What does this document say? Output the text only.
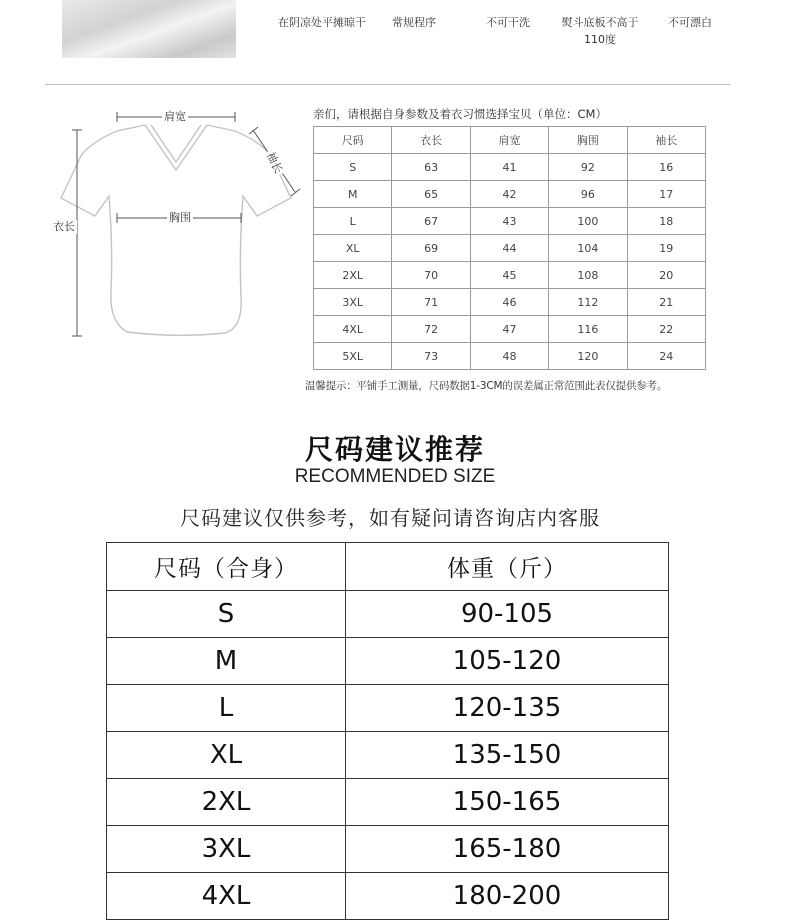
在阴凉处平摊晾干	常规程序	不可干洗	熨斗底板不高于110度
不可漂白
肩宽
袖长
衣长
胸围
亲们，请根据自身参数及着衣习惯选择宝贝（单位：CM）
尺码	衣长	肩宽	胸围	袖长
S	63	41	92	16
M	65	42	96	17
L	67	43	100	18
XL	69	44	104	19
2XL	70	45	108	20
3XL	71	46	112	21
4XL	72	47	116	22
5XL	73	48	120	24
温馨提示：平铺手工测量，尺码数据1-3CM的误差属正常范围此表仅提供参考。
尺码建议推荐
RECOMMENDED SIZE
尺码建议仅供参考，如有疑问请咨询店内客服
尺码（合身）	体重（斤）
S	90-105
M	105-120
L	120-135
XL	135-150
2XL	150-165
3XL	165-180
4XL	180-200
